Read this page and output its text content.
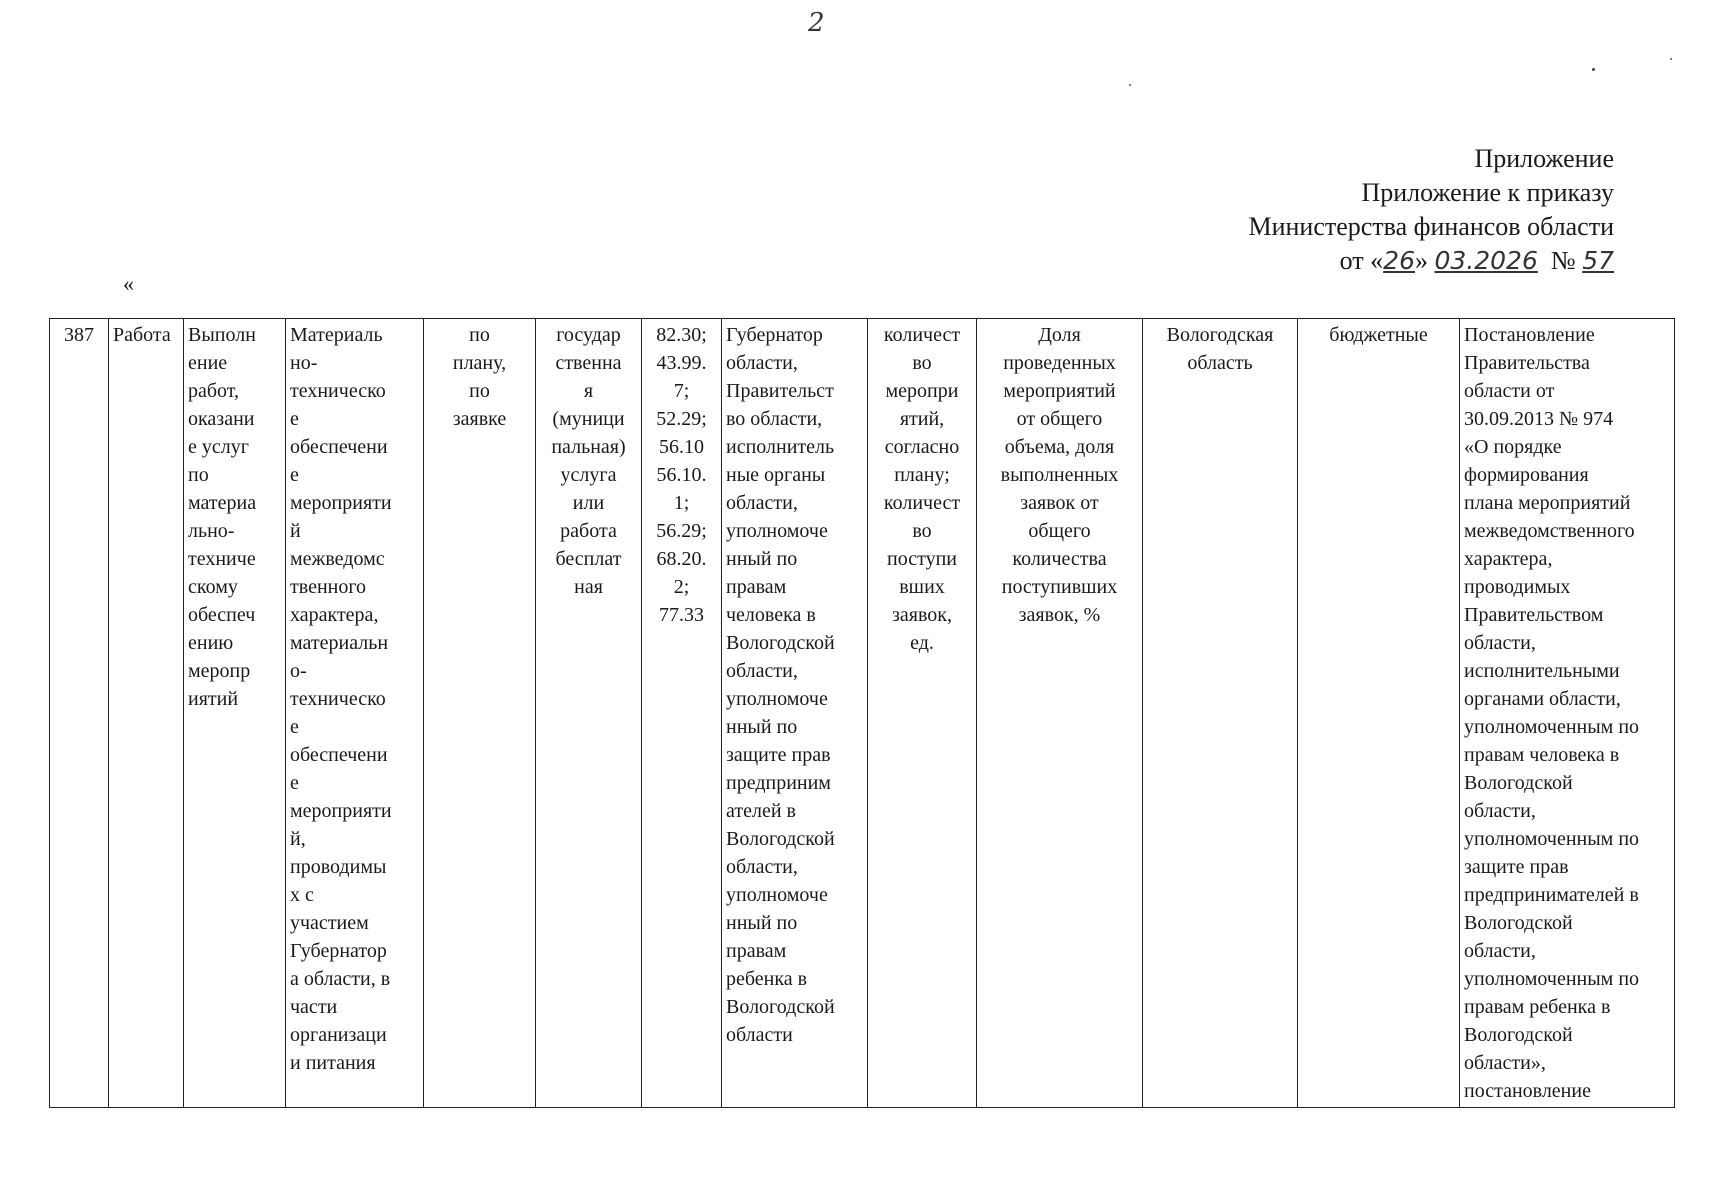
2
Приложение
Приложение к приказу
Министерства финансов области
от «26» 03.2026 № 57
«
387	Работа	Выполн
ение
работ,
оказани
е услуг
по
материа
льно-
техниче
скому
обеспеч
ению
меропр
иятий	Материаль
но-
техническо
е
обеспечени
е
мероприяти
й
межведомс
твенного
характера,
материальн
о-
техническо
е
обеспечени
е
мероприяти
й,
проводимы
х с
участием
Губернатор
а области, в
части
организаци
и питания	по
плану,
по
заявке	государ
ственна
я
(муници
пальная)
услуга
или
работа
бесплат
ная	82.30;
43.99.
7;
52.29;
56.10
56.10.
1;
56.29;
68.20.
2;
77.33	Губернатор
области,
Правительст
во области,
исполнитель
ные органы
области,
уполномоче
нный по
правам
человека в
Вологодской
области,
уполномоче
нный по
защите прав
предприним
ателей в
Вологодской
области,
уполномоче
нный по
правам
ребенка в
Вологодской
области	количест
во
меропри
ятий,
согласно
плану;
количест
во
поступи
вших
заявок,
ед.	Доля
проведенных
мероприятий
от общего
объема, доля
выполненных
заявок от
общего
количества
поступивших
заявок, %	Вологодская
область	бюджетные	Постановление
Правительства
области от
30.09.2013 № 974
«О порядке
формирования
плана мероприятий
межведомственного
характера,
проводимых
Правительством
области,
исполнительными
органами области,
уполномоченным по
правам человека в
Вологодской
области,
уполномоченным по
защите прав
предпринимателей в
Вологодской
области,
уполномоченным по
правам ребенка в
Вологодской
области»,
постановление
